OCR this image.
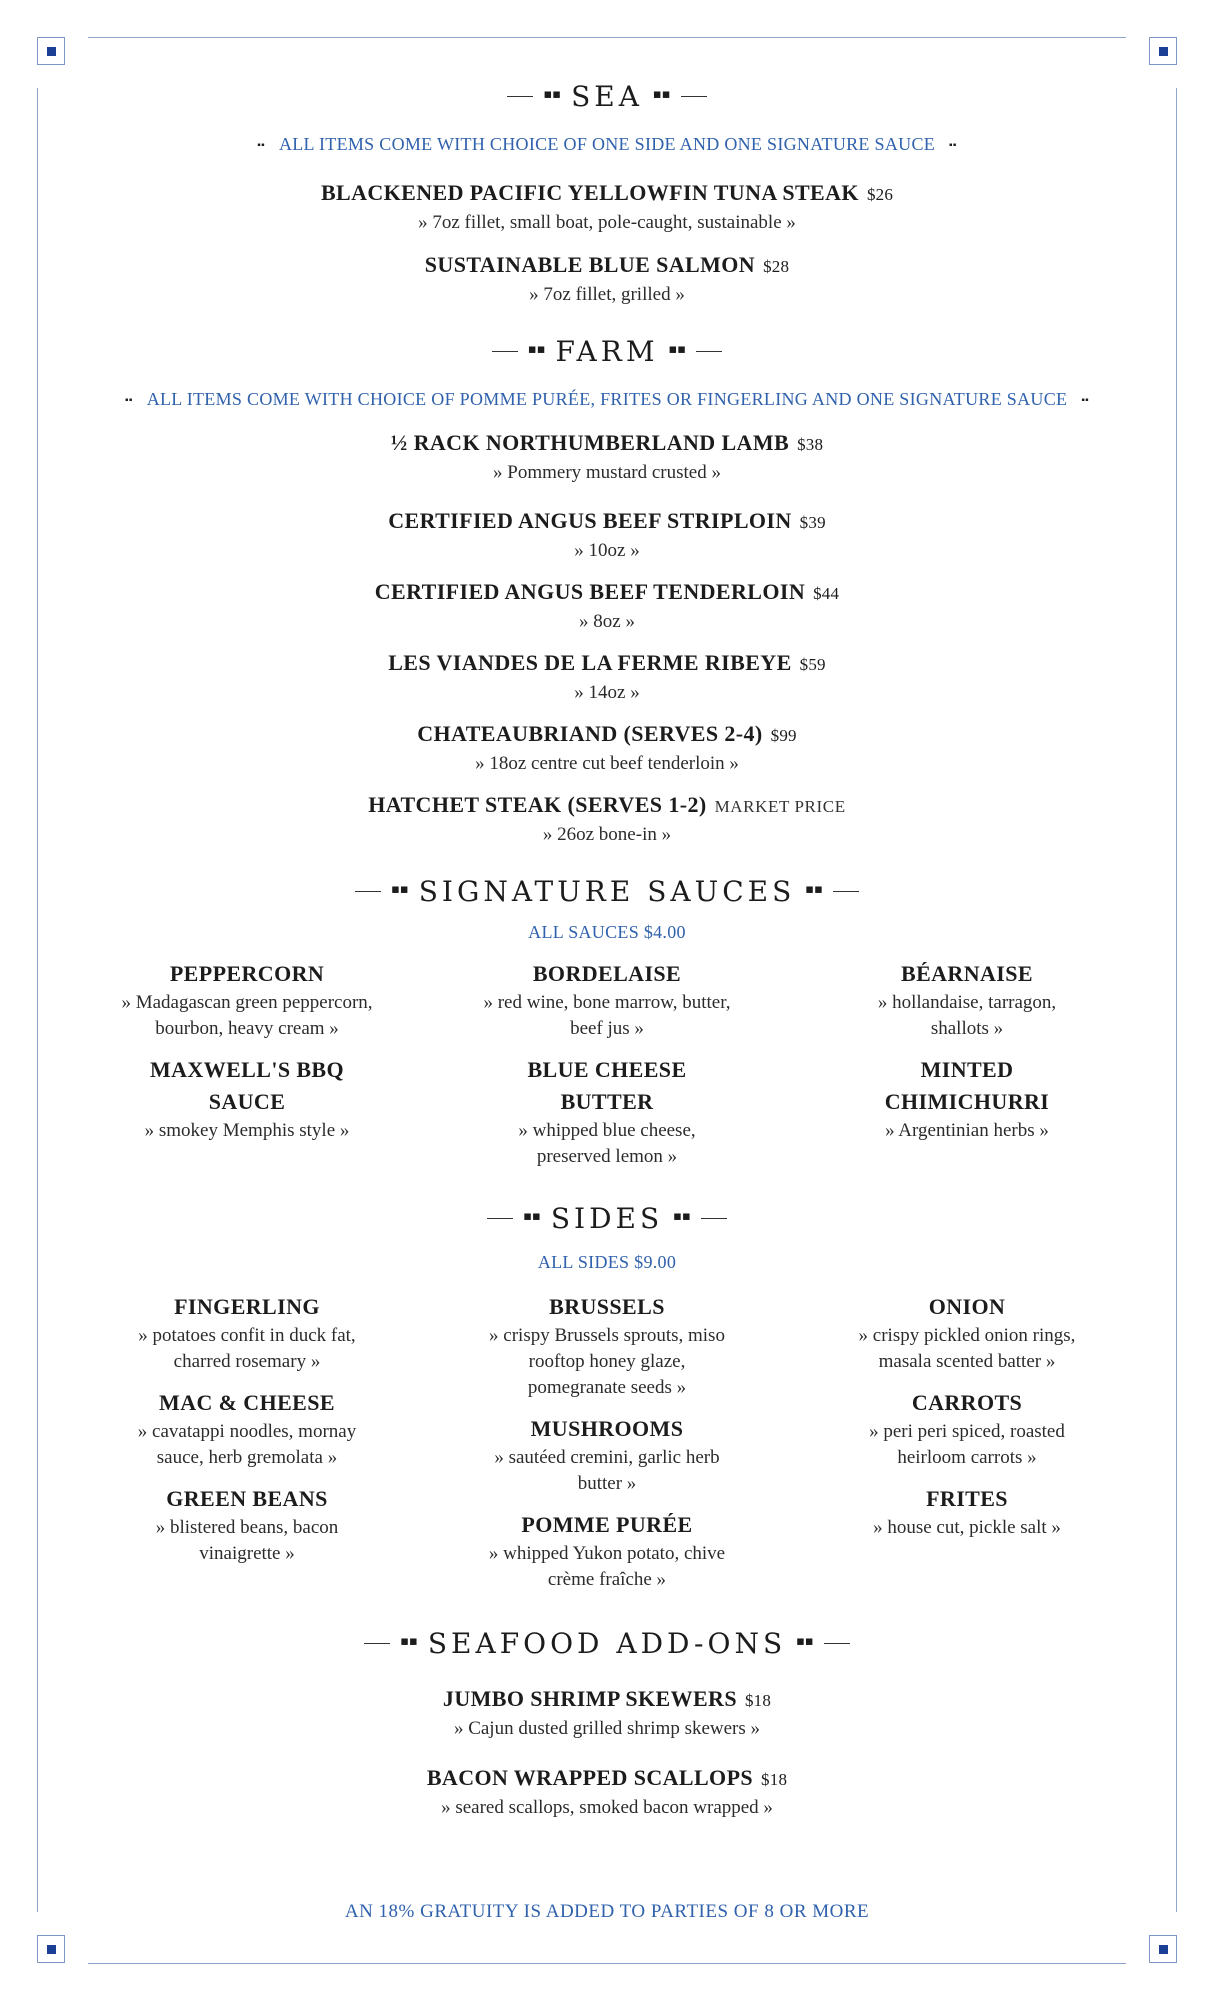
▪▪ SEA ▪▪
▪▪ ALL ITEMS COME WITH CHOICE OF ONE SIDE AND ONE SIGNATURE SAUCE ▪▪
BLACKENED PACIFIC YELLOWFIN TUNA STEAK $26
» 7oz fillet, small boat, pole-caught, sustainable »
SUSTAINABLE BLUE SALMON $28
» 7oz fillet, grilled »
▪▪ FARM ▪▪
▪▪ ALL ITEMS COME WITH CHOICE OF POMME PURÉE, FRITES OR FINGERLING AND ONE SIGNATURE SAUCE ▪▪
½ RACK NORTHUMBERLAND LAMB $38
» Pommery mustard crusted »
CERTIFIED ANGUS BEEF STRIPLOIN $39
» 10oz »
CERTIFIED ANGUS BEEF TENDERLOIN $44
» 8oz »
LES VIANDES DE LA FERME RIBEYE $59
» 14oz »
CHATEAUBRIAND (SERVES 2-4) $99
» 18oz centre cut beef tenderloin »
HATCHET STEAK (SERVES 1-2) MARKET PRICE
» 26oz bone-in »
▪▪ SIGNATURE SAUCES ▪▪
ALL SAUCES $4.00
PEPPERCORN
» Madagascan green peppercorn, bourbon, heavy cream »
MAXWELL'S BBQ SAUCE
» smokey Memphis style »
BORDELAISE
» red wine, bone marrow, butter, beef jus »
BLUE CHEESE BUTTER
» whipped blue cheese, preserved lemon »
BÉARNAISE
» hollandaise, tarragon, shallots »
MINTED CHIMICHURRI
» Argentinian herbs »
▪▪ SIDES ▪▪
ALL SIDES $9.00
FINGERLING
» potatoes confit in duck fat, charred rosemary »
MAC & CHEESE
» cavatappi noodles, mornay sauce, herb gremolata »
GREEN BEANS
» blistered beans, bacon vinaigrette »
BRUSSELS
» crispy Brussels sprouts, miso rooftop honey glaze, pomegranate seeds »
MUSHROOMS
» sautéed cremini, garlic herb butter »
POMME PURÉE
» whipped Yukon potato, chive crème fraîche »
ONION
» crispy pickled onion rings, masala scented batter »
CARROTS
» peri peri spiced, roasted heirloom carrots »
FRITES
» house cut, pickle salt »
▪▪ SEAFOOD ADD-ONS ▪▪
JUMBO SHRIMP SKEWERS $18
» Cajun dusted grilled shrimp skewers »
BACON WRAPPED SCALLOPS $18
» seared scallops, smoked bacon wrapped »
AN 18% GRATUITY IS ADDED TO PARTIES OF 8 OR MORE
